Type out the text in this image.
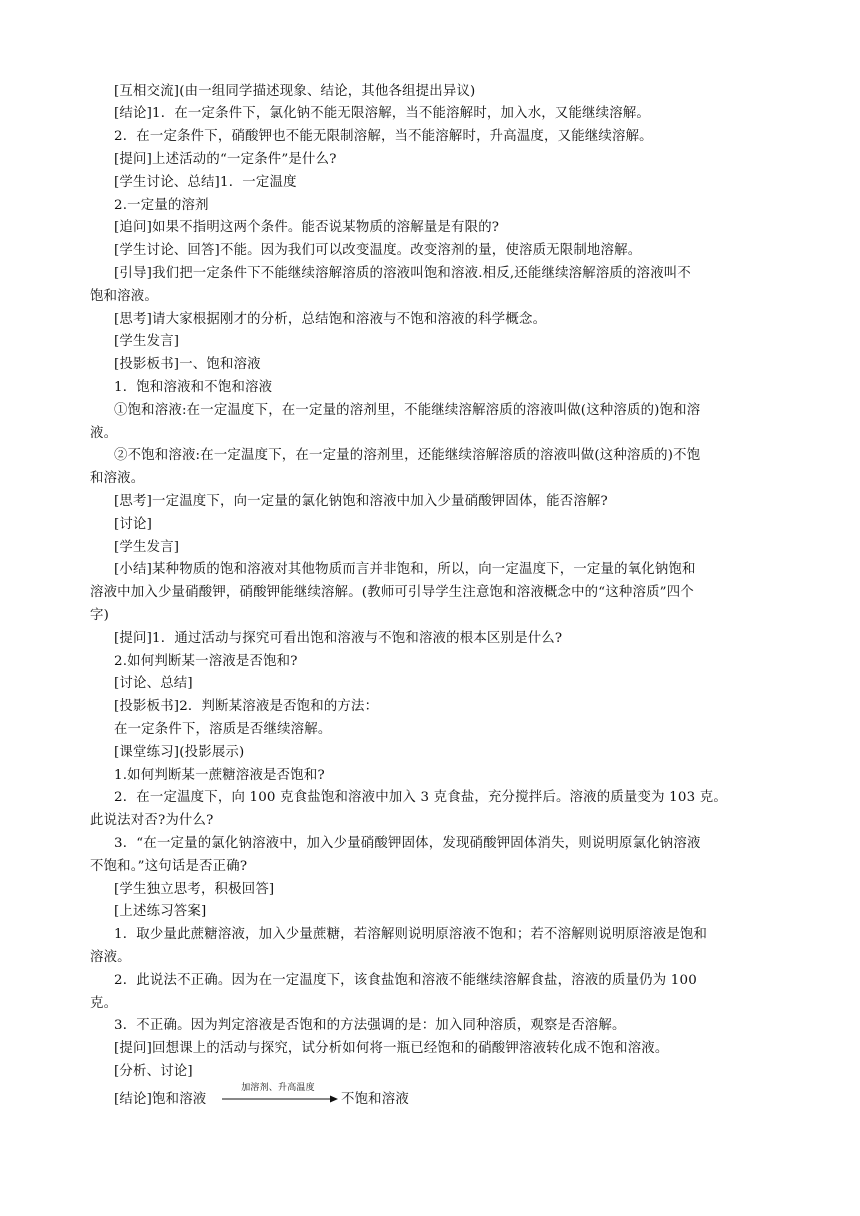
[互相交流](由一组同学描述现象、结论，其他各组提出异议)
[结论]1．在一定条件下，氯化钠不能无限溶解，当不能溶解时，加入水，又能继续溶解。
2．在一定条件下，硝酸钾也不能无限制溶解，当不能溶解时，升高温度，又能继续溶解。
[提问]上述活动的“一定条件”是什么?
[学生讨论、总结]1．一定温度
2.一定量的溶剂
[追问]如果不指明这两个条件。能否说某物质的溶解量是有限的?
[学生讨论、回答]不能。因为我们可以改变温度。改变溶剂的量，使溶质无限制地溶解。
[引导]我们把一定条件下不能继续溶解溶质的溶液叫饱和溶液.相反,还能继续溶解溶质的溶液叫不
饱和溶液。
[思考]请大家根据刚才的分析，总结饱和溶液与不饱和溶液的科学概念。
[学生发言]
[投影板书]一、饱和溶液
1．饱和溶液和不饱和溶液
①饱和溶液:在一定温度下，在一定量的溶剂里，不能继续溶解溶质的溶液叫做(这种溶质的)饱和溶
液。
②不饱和溶液:在一定温度下，在一定量的溶剂里，还能继续溶解溶质的溶液叫做(这种溶质的)不饱
和溶液。
[思考]一定温度下，向一定量的氯化钠饱和溶液中加入少量硝酸钾固体，能否溶解?
[讨论]
[学生发言]
[小结]某种物质的饱和溶液对其他物质而言并非饱和，所以，向一定温度下，一定量的氧化钠饱和
溶液中加入少量硝酸钾，硝酸钾能继续溶解。(教师可引导学生注意饱和溶液概念中的“这种溶质”四个
字)
[提问]1．通过活动与探究可看出饱和溶液与不饱和溶液的根本区别是什么?
2.如何判断某一溶液是否饱和?
[讨论、总结]
[投影板书]2．判断某溶液是否饱和的方法：
在一定条件下，溶质是否继续溶解。
[课堂练习](投影展示)
1.如何判断某一蔗糖溶液是否饱和?
2．在一定温度下，向 100 克食盐饱和溶液中加入 3 克食盐，充分搅拌后。溶液的质量变为 103 克。
此说法对否?为什么?
3．“在一定量的氯化钠溶液中，加入少量硝酸钾固体，发现硝酸钾固体消失，则说明原氯化钠溶液
不饱和。”这句话是否正确?
[学生独立思考，积极回答]
[上述练习答案]
1．取少量此蔗糖溶液，加入少量蔗糖，若溶解则说明原溶液不饱和；若不溶解则说明原溶液是饱和
溶液。
2．此说法不正确。因为在一定温度下，该食盐饱和溶液不能继续溶解食盐，溶液的质量仍为 100
克。
3．不正确。因为判定溶液是否饱和的方法强调的是：加入同种溶质，观察是否溶解。
[提问]回想课上的活动与探究，试分析如何将一瓶已经饱和的硝酸钾溶液转化成不饱和溶液。
[分析、讨论]
[结论]饱和溶液
加溶剂、升高温度
不饱和溶液
